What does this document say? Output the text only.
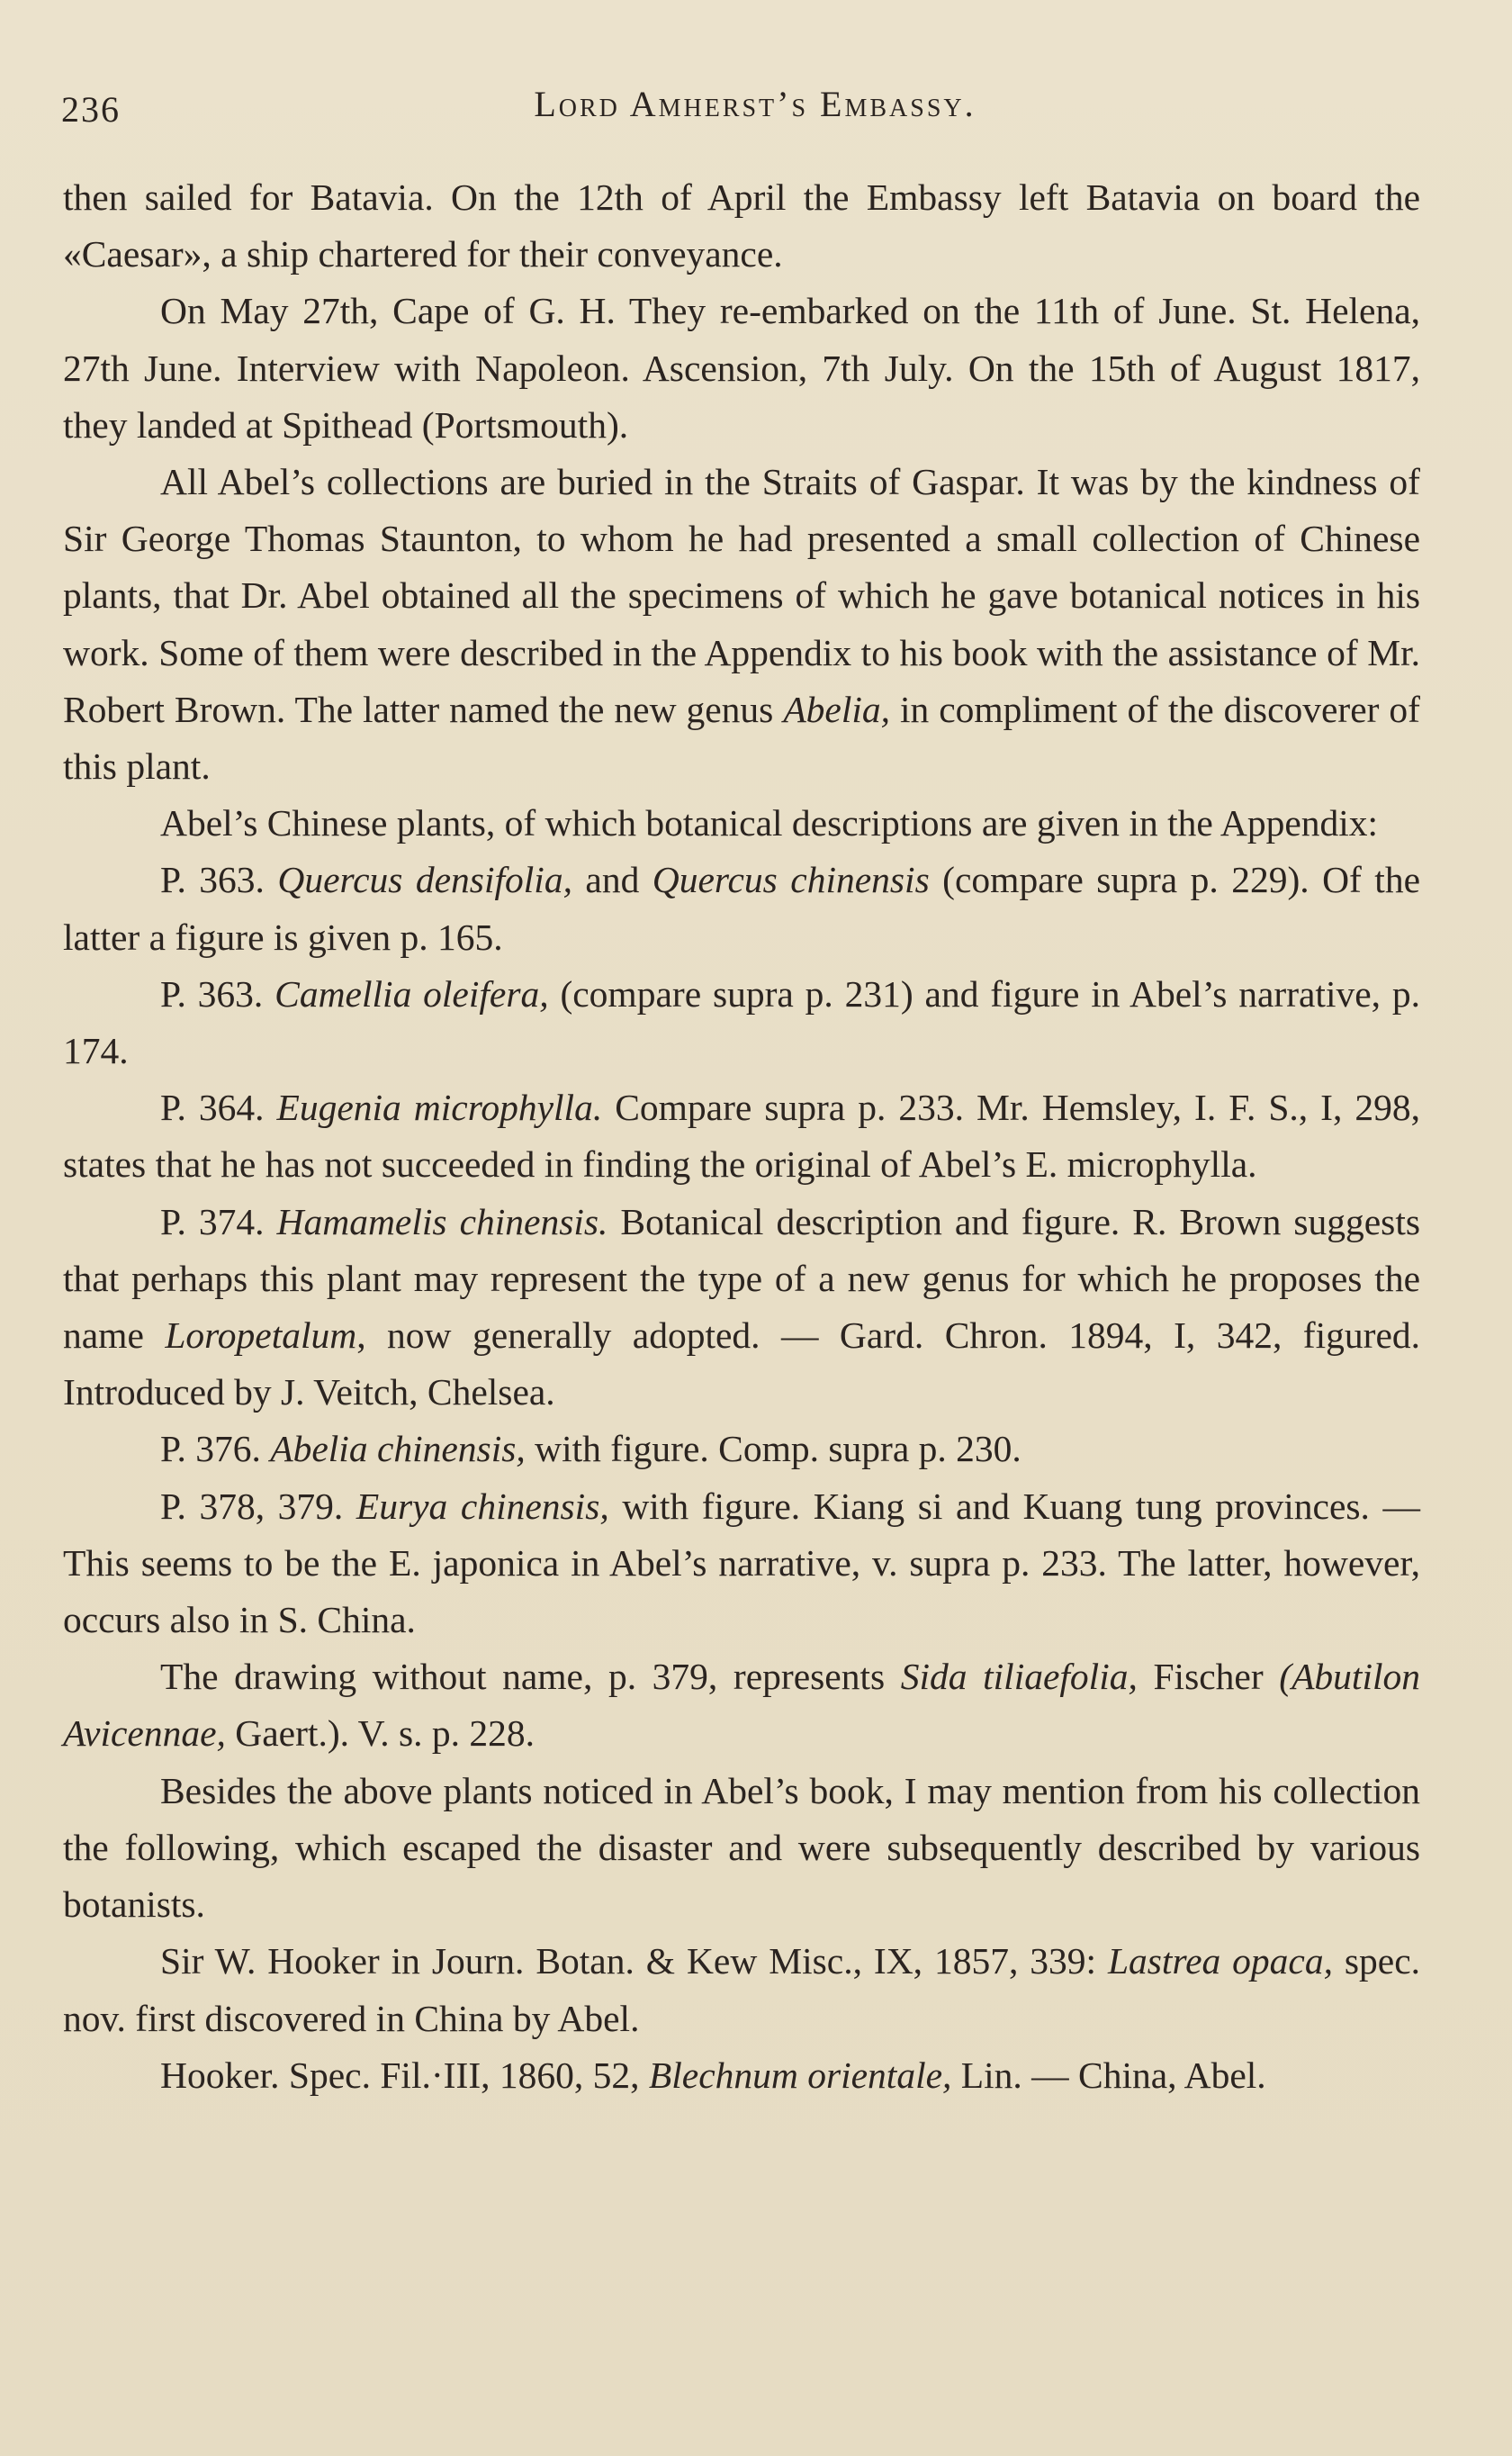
236	Lord Amherst’s Embassy.

then sailed for Batavia. On the 12th of April the Embassy left Batavia on board the «Caesar», a ship chartered for their conveyance.

On May 27th, Cape of G. H. They re-embarked on the 11th of June. St. Helena, 27th June. Interview with Napoleon. Ascension, 7th July. On the 15th of August 1817, they landed at Spithead (Portsmouth).

All Abel’s collections are buried in the Straits of Gaspar. It was by the kindness of Sir George Thomas Staunton, to whom he had presented a small collection of Chinese plants, that Dr. Abel obtained all the specimens of which he gave botanical notices in his work. Some of them were described in the Appendix to his book with the assistance of Mr. Robert Brown. The latter named the new genus Abelia, in compliment of the discoverer of this plant.

Abel’s Chinese plants, of which botanical descriptions are given in the Appendix:

P. 363. Quercus densifolia, and Quercus chinensis (compare supra p. 229). Of the latter a figure is given p. 165.

P. 363. Camellia oleifera, (compare supra p. 231) and figure in Abel’s narrative, p. 174.

P. 364. Eugenia microphylla. Compare supra p. 233. Mr. Hemsley, I. F. S., I, 298, states that he has not succeeded in finding the original of Abel’s E. microphylla.

P. 374. Hamamelis chinensis. Botanical description and figure. R. Brown suggests that perhaps this plant may represent the type of a new genus for which he proposes the name Loropetalum, now generally adopted. — Gard. Chron. 1894, I, 342, figured. Introduced by J. Veitch, Chelsea.

P. 376. Abelia chinensis, with figure. Comp. supra p. 230.

P. 378, 379. Eurya chinensis, with figure. Kiang si and Kuang tung provinces. — This seems to be the E. japonica in Abel’s narrative, v. supra p. 233. The latter, however, occurs also in S. China.

The drawing without name, p. 379, represents Sida tiliaefolia, Fischer (Abutilon Avicennae, Gaert.). V. s. p. 228.

Besides the above plants noticed in Abel’s book, I may mention from his collection the following, which escaped the disaster and were subsequently described by various botanists.

Sir W. Hooker in Journ. Botan. & Kew Misc., IX, 1857, 339: Lastrea opaca, spec. nov. first discovered in China by Abel.

Hooker. Spec. Fil.·III, 1860, 52, Blechnum orientale, Lin. — China, Abel.
